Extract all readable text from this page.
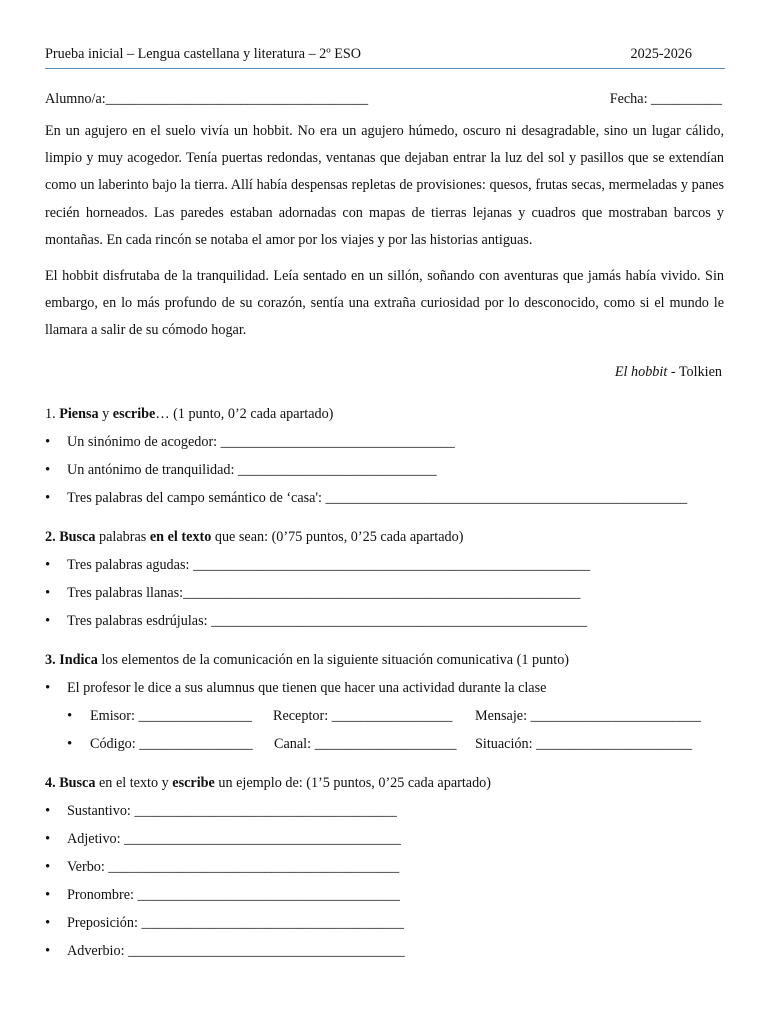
Prueba inicial – Lengua castellana y literatura – 2º ESO	2025-2026
Alumno/a:_____________________________________	Fecha: __________

En un agujero en el suelo vivía un hobbit. No era un agujero húmedo, oscuro ni desagradable, sino un lugar cálido, limpio y muy acogedor. Tenía puertas redondas, ventanas que dejaban entrar la luz del sol y pasillos que se extendían como un laberinto bajo la tierra. Allí había despensas repletas de provisiones: quesos, frutas secas, mermeladas y panes recién horneados. Las paredes estaban adornadas con mapas de tierras lejanas y cuadros que mostraban barcos y montañas. En cada rincón se notaba el amor por los viajes y por las historias antiguas.

El hobbit disfrutaba de la tranquilidad. Leía sentado en un sillón, soñando con aventuras que jamás había vivido. Sin embargo, en lo más profundo de su corazón, sentía una extraña curiosidad por lo desconocido, como si el mundo le llamara a salir de su cómodo hogar.

El hobbit - Tolkien
1. Piensa y escribe… (1 punto, 0’2 cada apartado)
• Un sinónimo de acogedor: _________________________________
• Un antónimo de tranquilidad: ____________________________
• Tres palabras del campo semántico de ‘casa': ___________________________________________________
2. Busca palabras en el texto que sean: (0’75 puntos, 0’25 cada apartado)
• Tres palabras agudas: ________________________________________________________
• Tres palabras llanas:________________________________________________________
• Tres palabras esdrújulas: _____________________________________________________
3. Indica los elementos de la comunicación en la siguiente situación comunicativa (1 punto)
• El profesor le dice a sus alumnus que tienen que hacer una actividad durante la clase
• Emisor: ________________ Receptor: _________________ Mensaje: ________________________
• Código: ________________ Canal: ____________________ Situación: ______________________
4. Busca en el texto y escribe un ejemplo de: (1’5 puntos, 0’25 cada apartado)
• Sustantivo: _____________________________________
• Adjetivo: _______________________________________
• Verbo: _________________________________________
• Pronombre: _____________________________________
• Preposición: _____________________________________
• Adverbio: _______________________________________
